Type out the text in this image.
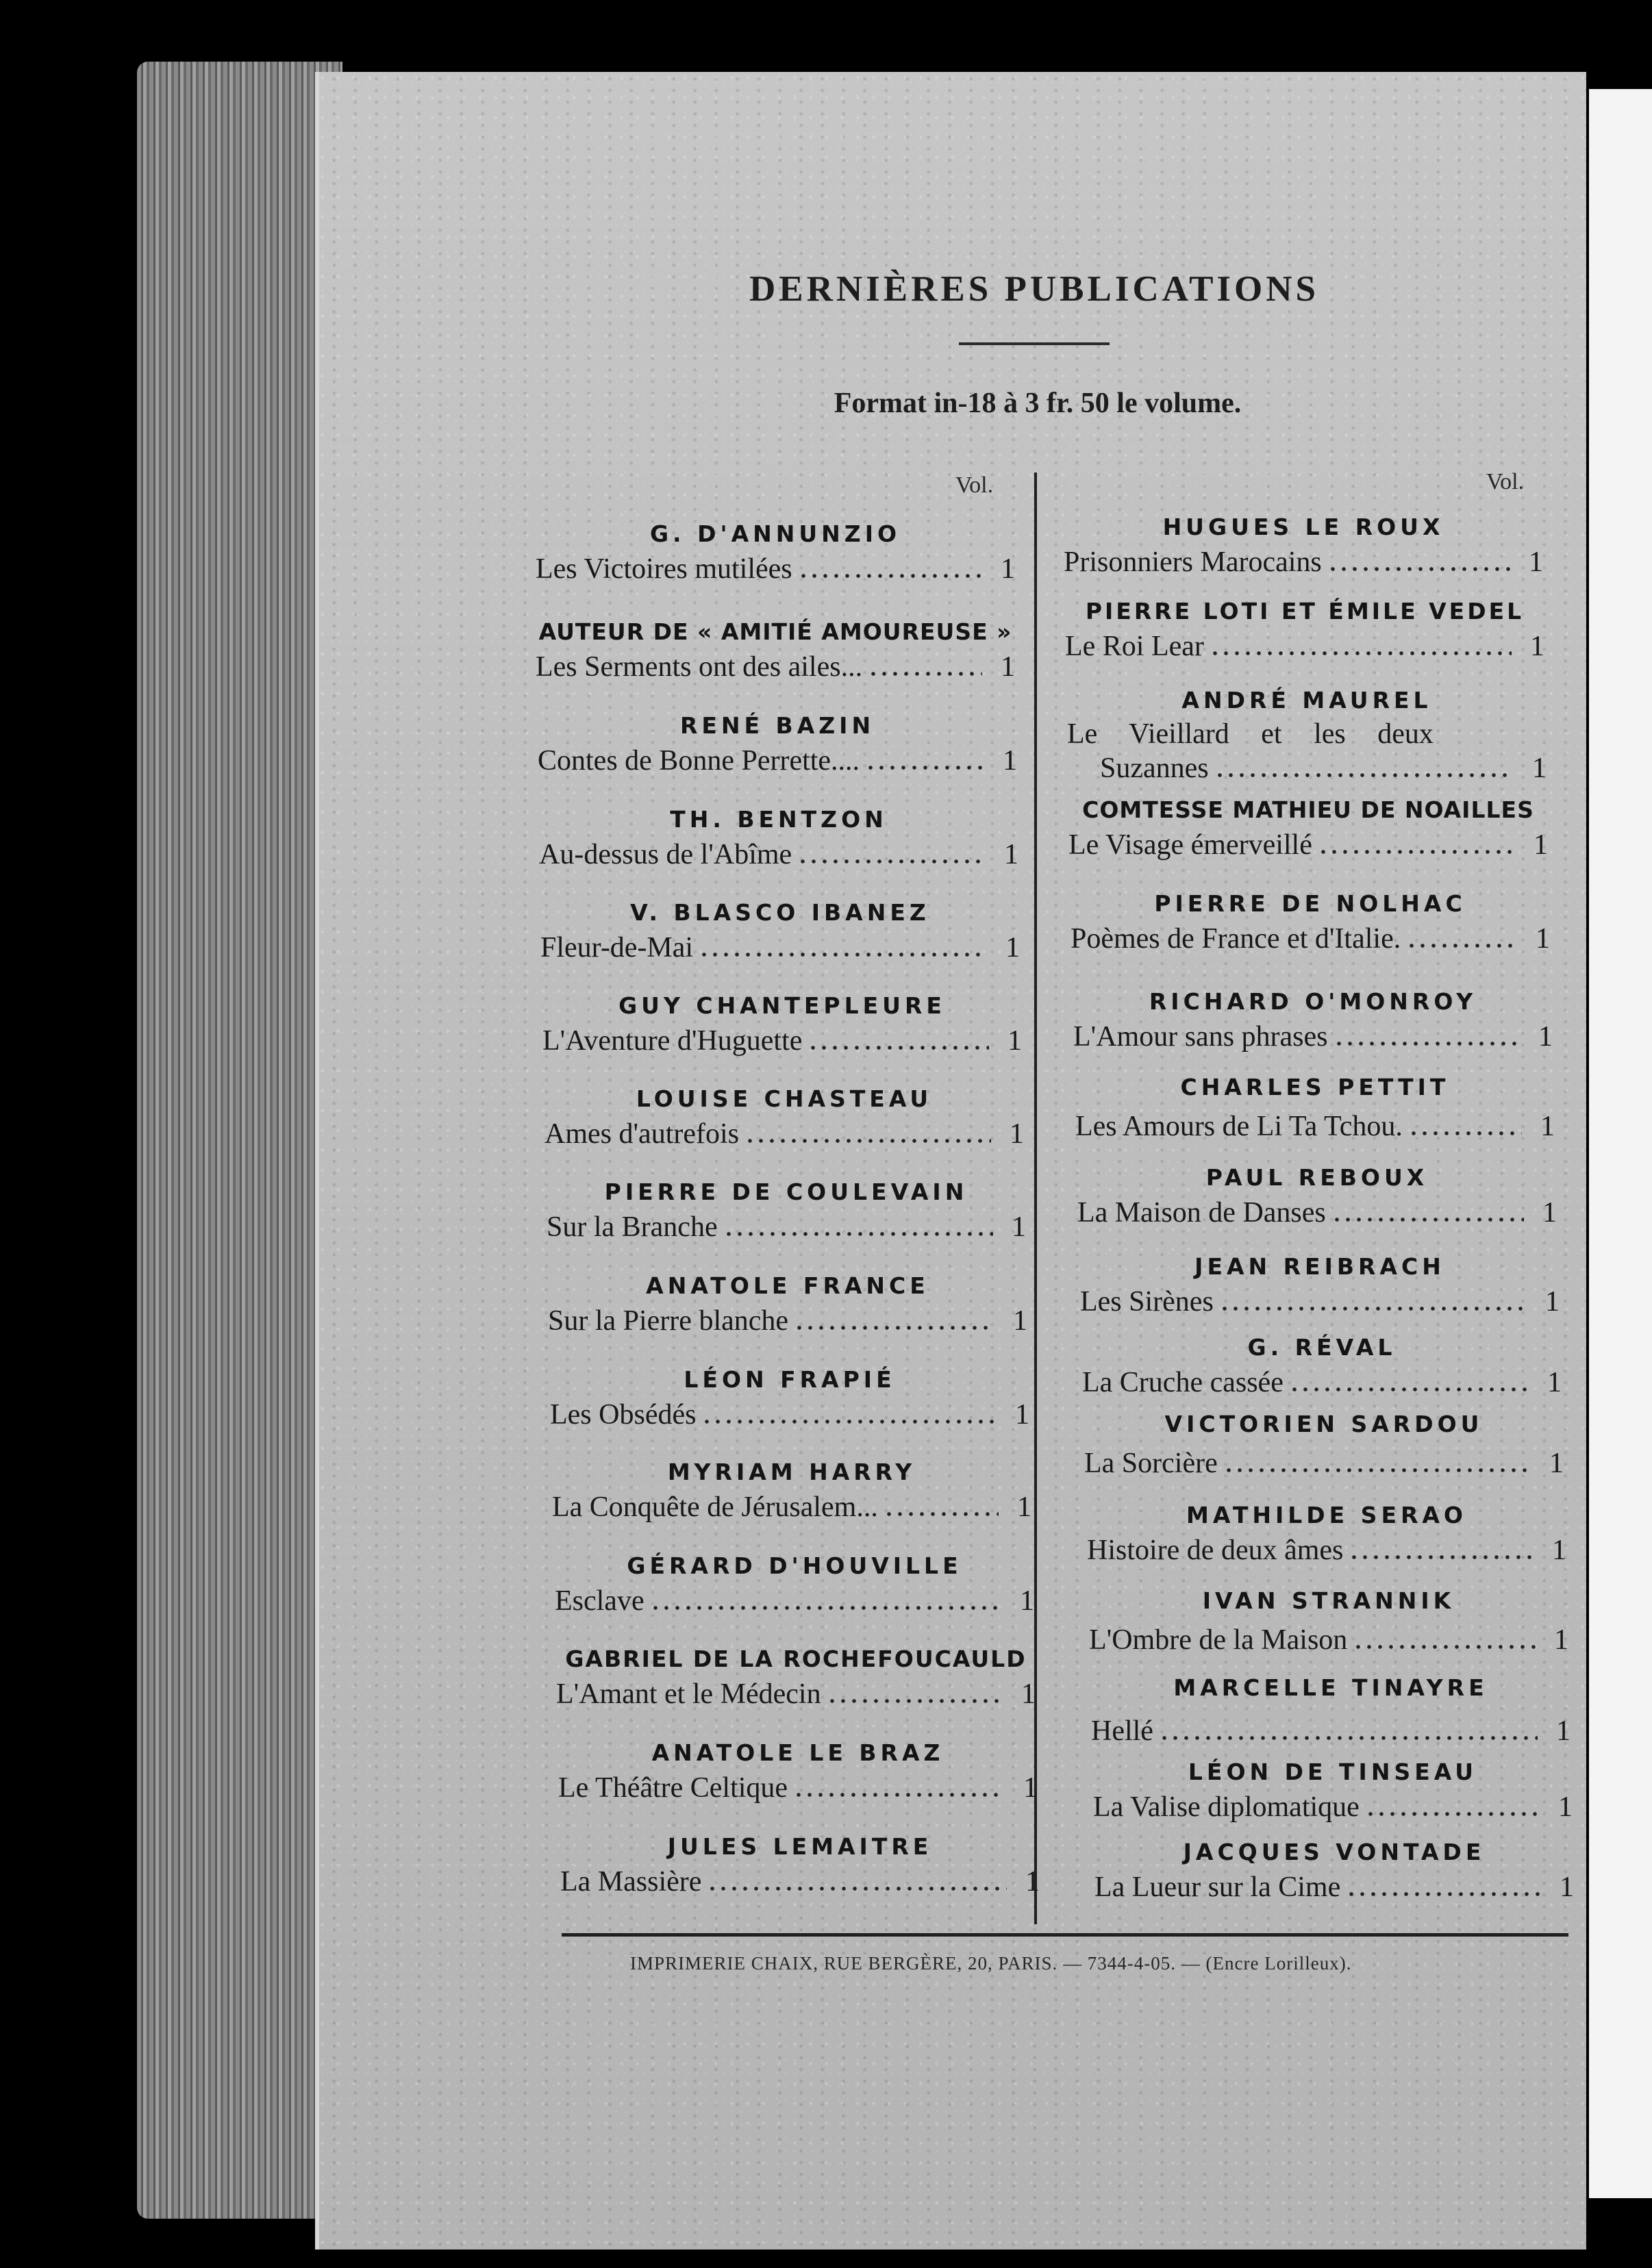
DERNIÈRES PUBLICATIONS
Format in-18 à 3 fr. 50 le volume.
Vol.	Vol.
G. D'ANNUNZIO
Les Victoires mutilées	1
AUTEUR DE « AMITIÉ AMOUREUSE »
Les Serments ont des ailes...	1
RENÉ BAZIN
Contes de Bonne Perrette....	1
TH. BENTZON
Au-dessus de l'Abîme	1
V. BLASCO IBANEZ
Fleur-de-Mai	1
GUY CHANTEPLEURE
L'Aventure d'Huguette	1
LOUISE CHASTEAU
Ames d'autrefois	1
PIERRE DE COULEVAIN
Sur la Branche	1
ANATOLE FRANCE
Sur la Pierre blanche	1
LÉON FRAPIÉ
Les Obsédés	1
MYRIAM HARRY
La Conquête de Jérusalem...	1
GÉRARD D'HOUVILLE
Esclave	1
GABRIEL DE LA ROCHEFOUCAULD
L'Amant et le Médecin	1
ANATOLE LE BRAZ
Le Théâtre Celtique	1
JULES LEMAITRE
La Massière	1
HUGUES LE ROUX
Prisonniers Marocains	1
PIERRE LOTI ET ÉMILE VEDEL
Le Roi Lear	1
ANDRÉ MAUREL
Le Vieillard et les deux
Suzannes	1
COMTESSE MATHIEU DE NOAILLES
Le Visage émerveillé	1
PIERRE DE NOLHAC
Poèmes de France et d'Italie.	1
RICHARD O'MONROY
L'Amour sans phrases	1
CHARLES PETTIT
Les Amours de Li Ta Tchou.	1
PAUL REBOUX
La Maison de Danses	1
JEAN REIBRACH
Les Sirènes	1
G. RÉVAL
La Cruche cassée	1
VICTORIEN SARDOU
La Sorcière	1
MATHILDE SERAO
Histoire de deux âmes	1
IVAN STRANNIK
L'Ombre de la Maison	1
MARCELLE TINAYRE
Hellé	1
LÉON DE TINSEAU
La Valise diplomatique	1
JACQUES VONTADE
La Lueur sur la Cime	1
IMPRIMERIE CHAIX, RUE BERGÈRE, 20, PARIS. — 7344-4-05. — (Encre Lorilleux).
